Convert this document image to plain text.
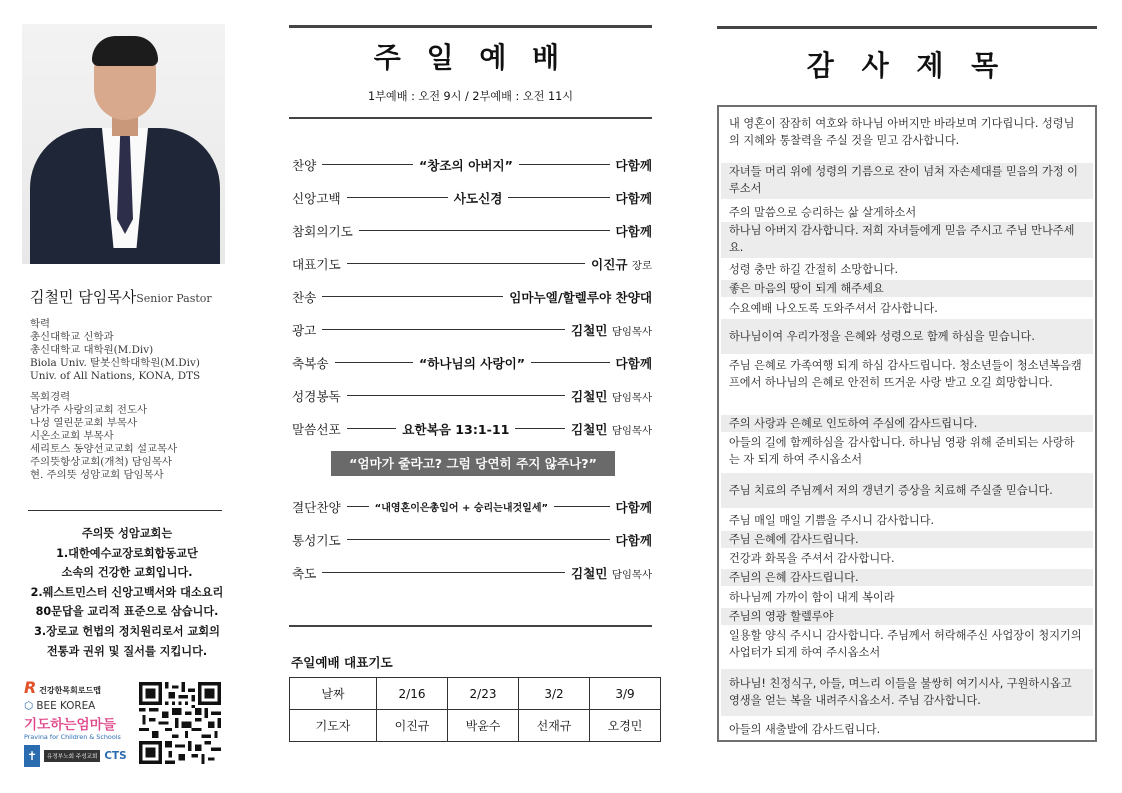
김철민 담임목사Senior Pastor
학력
총신대학교 신학과
총신대학교 대학원(M.Div)
Biola Univ. 탈봇신학대학원(M.Div)
Univ. of All Nations, KONA, DTS
목회경력
남가주 사랑의교회 전도사
나성 열린문교회 부목사
시온소교회 부목사
세리토스 동양선교교회 설교목사
주의뜻항상교회(개척) 담임목사
현. 주의뜻 성암교회 담임목사
주의뜻 성암교회는
1.대한예수교장로회합동교단
소속의 건강한 교회입니다.
2.웨스트민스터 신앙고백서와 대소요리
80문답을 교리적 표준으로 삼습니다.
3.장로교 헌법의 정치원리로서 교회의
전통과 권위 및 질서를 지킵니다.
R 건강한목회로드맵
⬡ BEE KOREA
기도하는엄마들
Pravina for Children & Schools
✝	유정부노회 주성교회 CTS
주 일 예 배
1부예배 : 오전 9시 / 2부예배 : 오전 11시
찬양	“창조의 아버지”	다함께
신앙고백	사도신경	다함께
참회의기도	다함께
대표기도	이진규 장로
찬송	임마누엘/할렐루야 찬양대
광고	김철민 담임목사
축복송	“하나님의 사랑이”	다함께
성경봉독	김철민 담임목사
말씀선포	요한복음 13:1-11	김철민 담임목사
“엄마가 줄라고? 그럼 당연히 주지 않주나?”
결단찬양	“내영혼이은총입어 + 승리는내것일세”	다함께
통성기도	다함께
축도	김철민 담임목사
주일예배 대표기도
날짜	2/16	2/23	3/2	3/9
기도자	이진규	박윤수	선재규	오경민
감 사 제 목
내 영혼이 잠잠히 여호와 하나님 아버지만 바라보며 기다립니다. 성령님의 지혜와 통찰력을 주실 것을 믿고 감사합니다.
자녀들 머리 위에 성령의 기름으로 잔이 넘쳐 자손세대를 믿음의 가정 이루소서
주의 말씀으로 승리하는 삶 살게하소서
하나님 아버지 감사합니다. 저희 자녀들에게 믿음 주시고 주님 만나주세요.
성령 충만 하길 간절히 소망합니다.
좋은 마음의 땅이 되게 해주세요
수요예배 나오도록 도와주셔서 감사합니다.
하나님이여 우리가정을 은혜와 성령으로 함께 하심을 믿습니다.
주님 은혜로 가족여행 되게 하심 감사드립니다. 청소년들이 청소년복음캠프에서 하나님의 은혜로 안전히 뜨거운 사랑 받고 오길 희망합니다.
주의 사랑과 은혜로 인도하여 주심에 감사드립니다.
아들의 길에 함께하심을 감사합니다. 하나님 영광 위해 준비되는 사랑하는 자 되게 하여 주시옵소서
주님 치료의 주님께서 저의 갱년기 증상을 치료해 주실줄 믿습니다.
주님 매일 매일 기쁨을 주시니 감사합니다.
주님 은혜에 감사드립니다.
건강과 화목을 주셔서 감사합니다.
주님의 은혜 감사드립니다.
하나님께 가까이 함이 내게 복이라
주님의 영광 할렐루야
일용할 양식 주시니 감사합니다. 주님께서 허락해주신 사업장이 청지기의 사업터가 되게 하여 주시옵소서
하나님! 친정식구, 아들, 며느리 이들을 불쌍히 여기시사, 구원하시옵고 영생을 얻는 복을 내려주시옵소서. 주님 감사합니다.
아들의 새출발에 감사드립니다.
